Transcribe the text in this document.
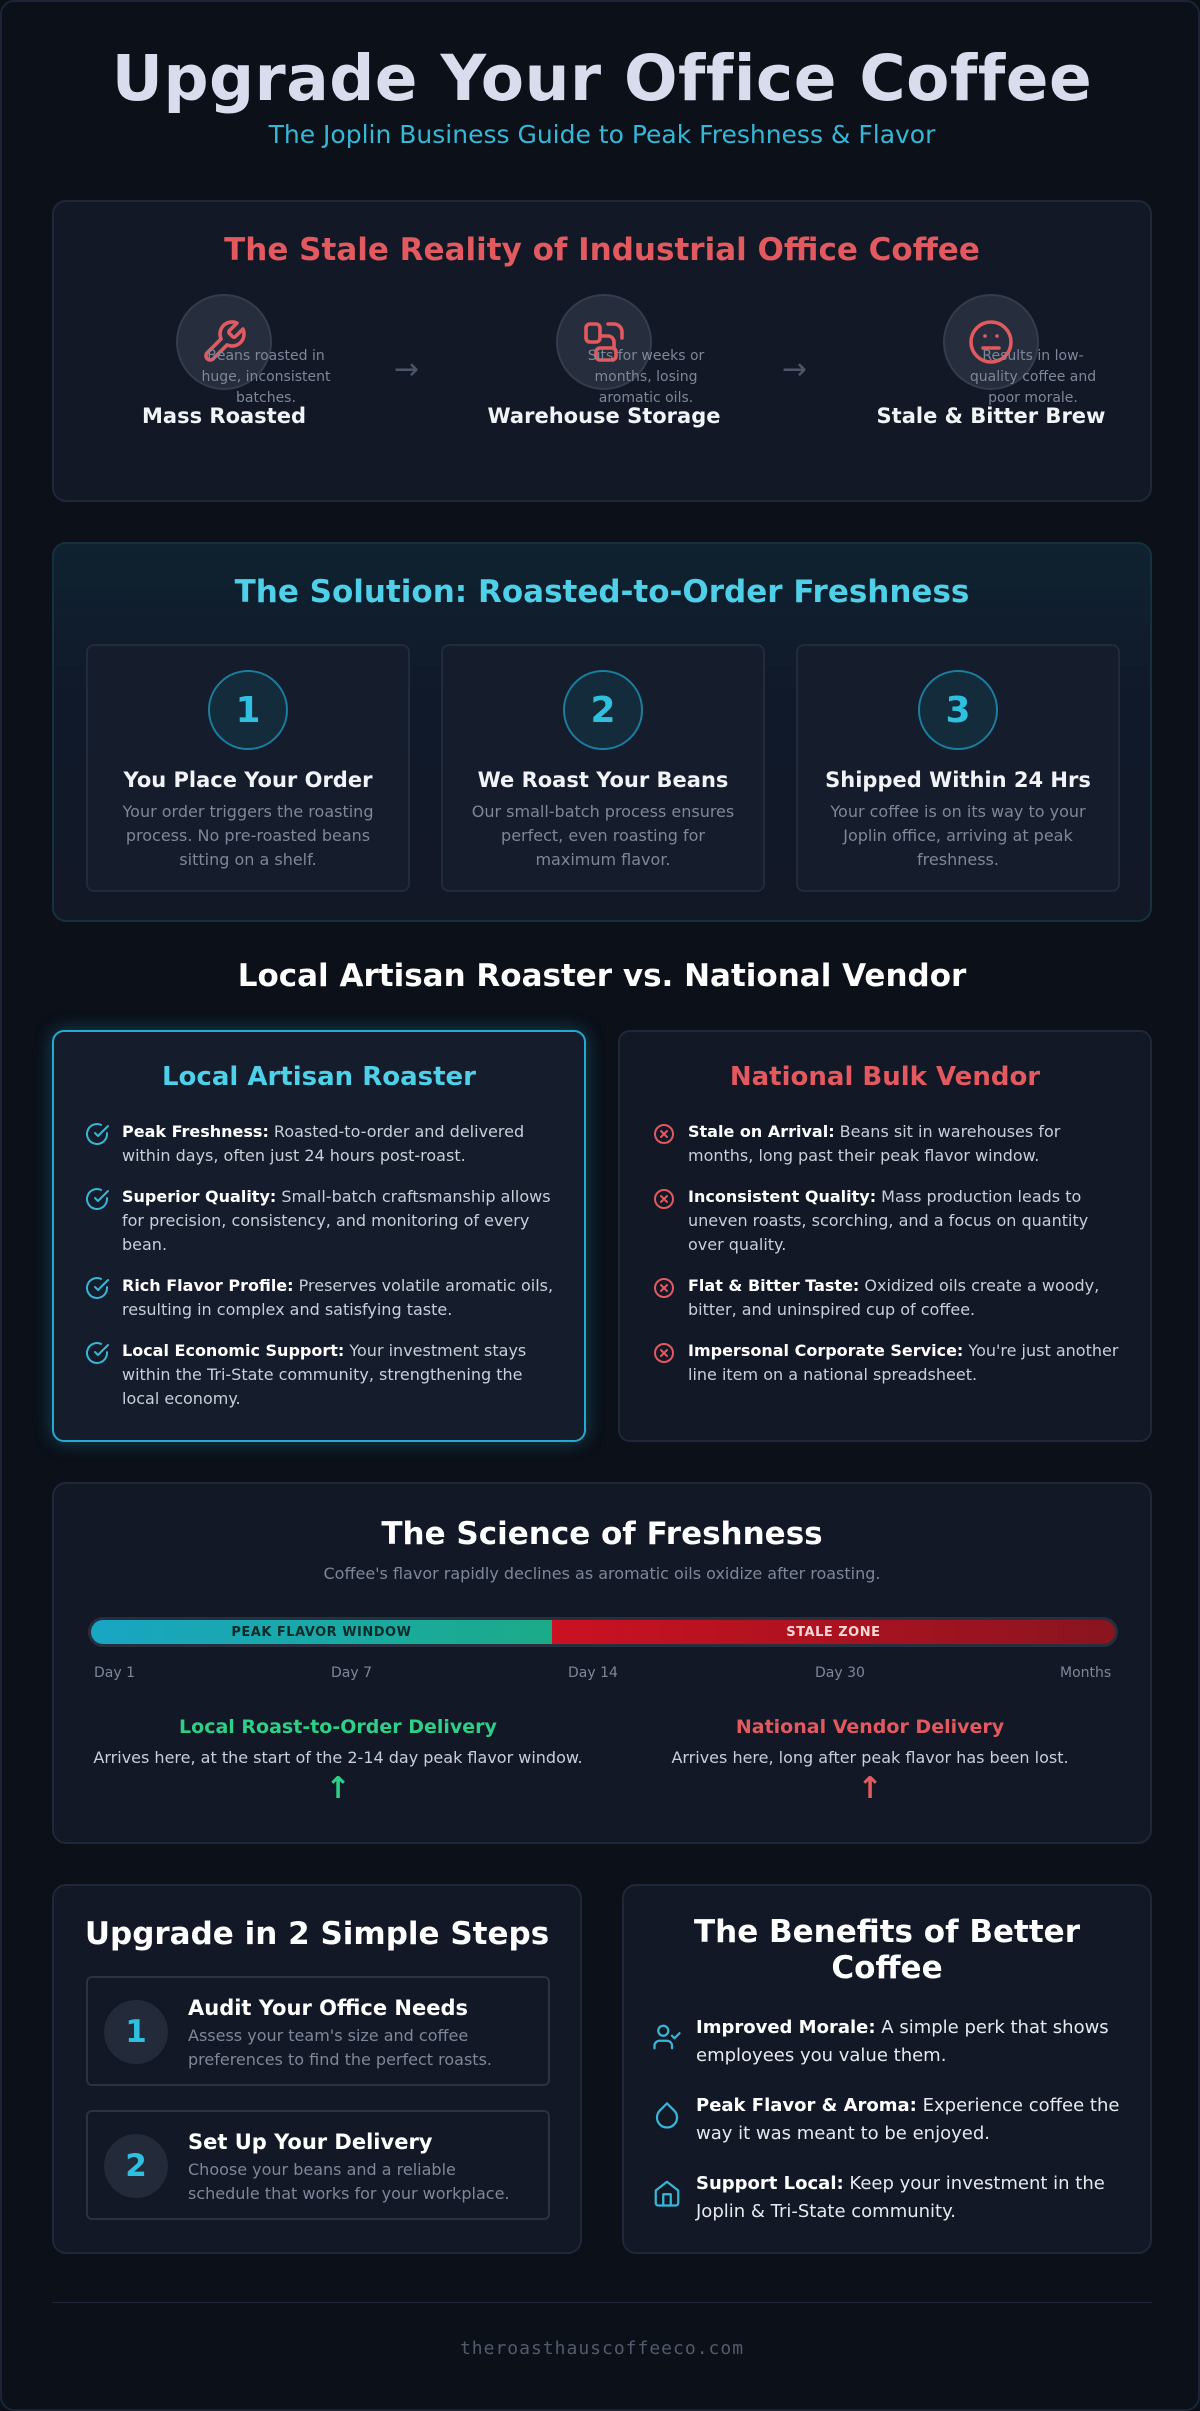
Upgrade Your Office Coffee
The Joplin Business Guide to Peak Freshness & Flavor
The Stale Reality of Industrial Office Coffee
Mass Roasted
Beans roasted in huge, inconsistent batches.
→
Warehouse Storage
Sits for weeks or months, losing aromatic oils.
→
Stale & Bitter Brew
Results in low-quality coffee and poor morale.
The Solution: Roasted-to-Order Freshness
1
You Place Your Order
Your order triggers the roasting process. No pre-roasted beans sitting on a shelf.
2
We Roast Your Beans
Our small-batch process ensures perfect, even roasting for maximum flavor.
3
Shipped Within 24 Hrs
Your coffee is on its way to your Joplin office, arriving at peak freshness.
Local Artisan Roaster vs. National Vendor
Local Artisan Roaster
Peak Freshness: Roasted-to-order and delivered within days, often just 24 hours post-roast.
Superior Quality: Small-batch craftsmanship allows for precision, consistency, and monitoring of every bean.
Rich Flavor Profile: Preserves volatile aromatic oils, resulting in complex and satisfying taste.
Local Economic Support: Your investment stays within the Tri-State community, strengthening the local economy.
National Bulk Vendor
Stale on Arrival: Beans sit in warehouses for months, long past their peak flavor window.
Inconsistent Quality: Mass production leads to uneven roasts, scorching, and a focus on quantity over quality.
Flat & Bitter Taste: Oxidized oils create a woody, bitter, and uninspired cup of coffee.
Impersonal Corporate Service: You're just another line item on a national spreadsheet.
The Science of Freshness
Coffee's flavor rapidly declines as aromatic oils oxidize after roasting.
PEAK FLAVOR WINDOW	STALE ZONE
Day 1	Day 7	Day 14	Day 30	Months
Local Roast-to-Order Delivery
Arrives here, at the start of the 2-14 day peak flavor window.
↑
National Vendor Delivery
Arrives here, long after peak flavor has been lost.
↑
Upgrade in 2 Simple Steps
1
Audit Your Office Needs
Assess your team's size and coffee preferences to find the perfect roasts.
2
Set Up Your Delivery
Choose your beans and a reliable schedule that works for your workplace.
The Benefits of Better Coffee
Improved Morale: A simple perk that shows employees you value them.
Peak Flavor & Aroma: Experience coffee the way it was meant to be enjoyed.
Support Local: Keep your investment in the Joplin & Tri-State community.
theroasthauscoffeeco.com
